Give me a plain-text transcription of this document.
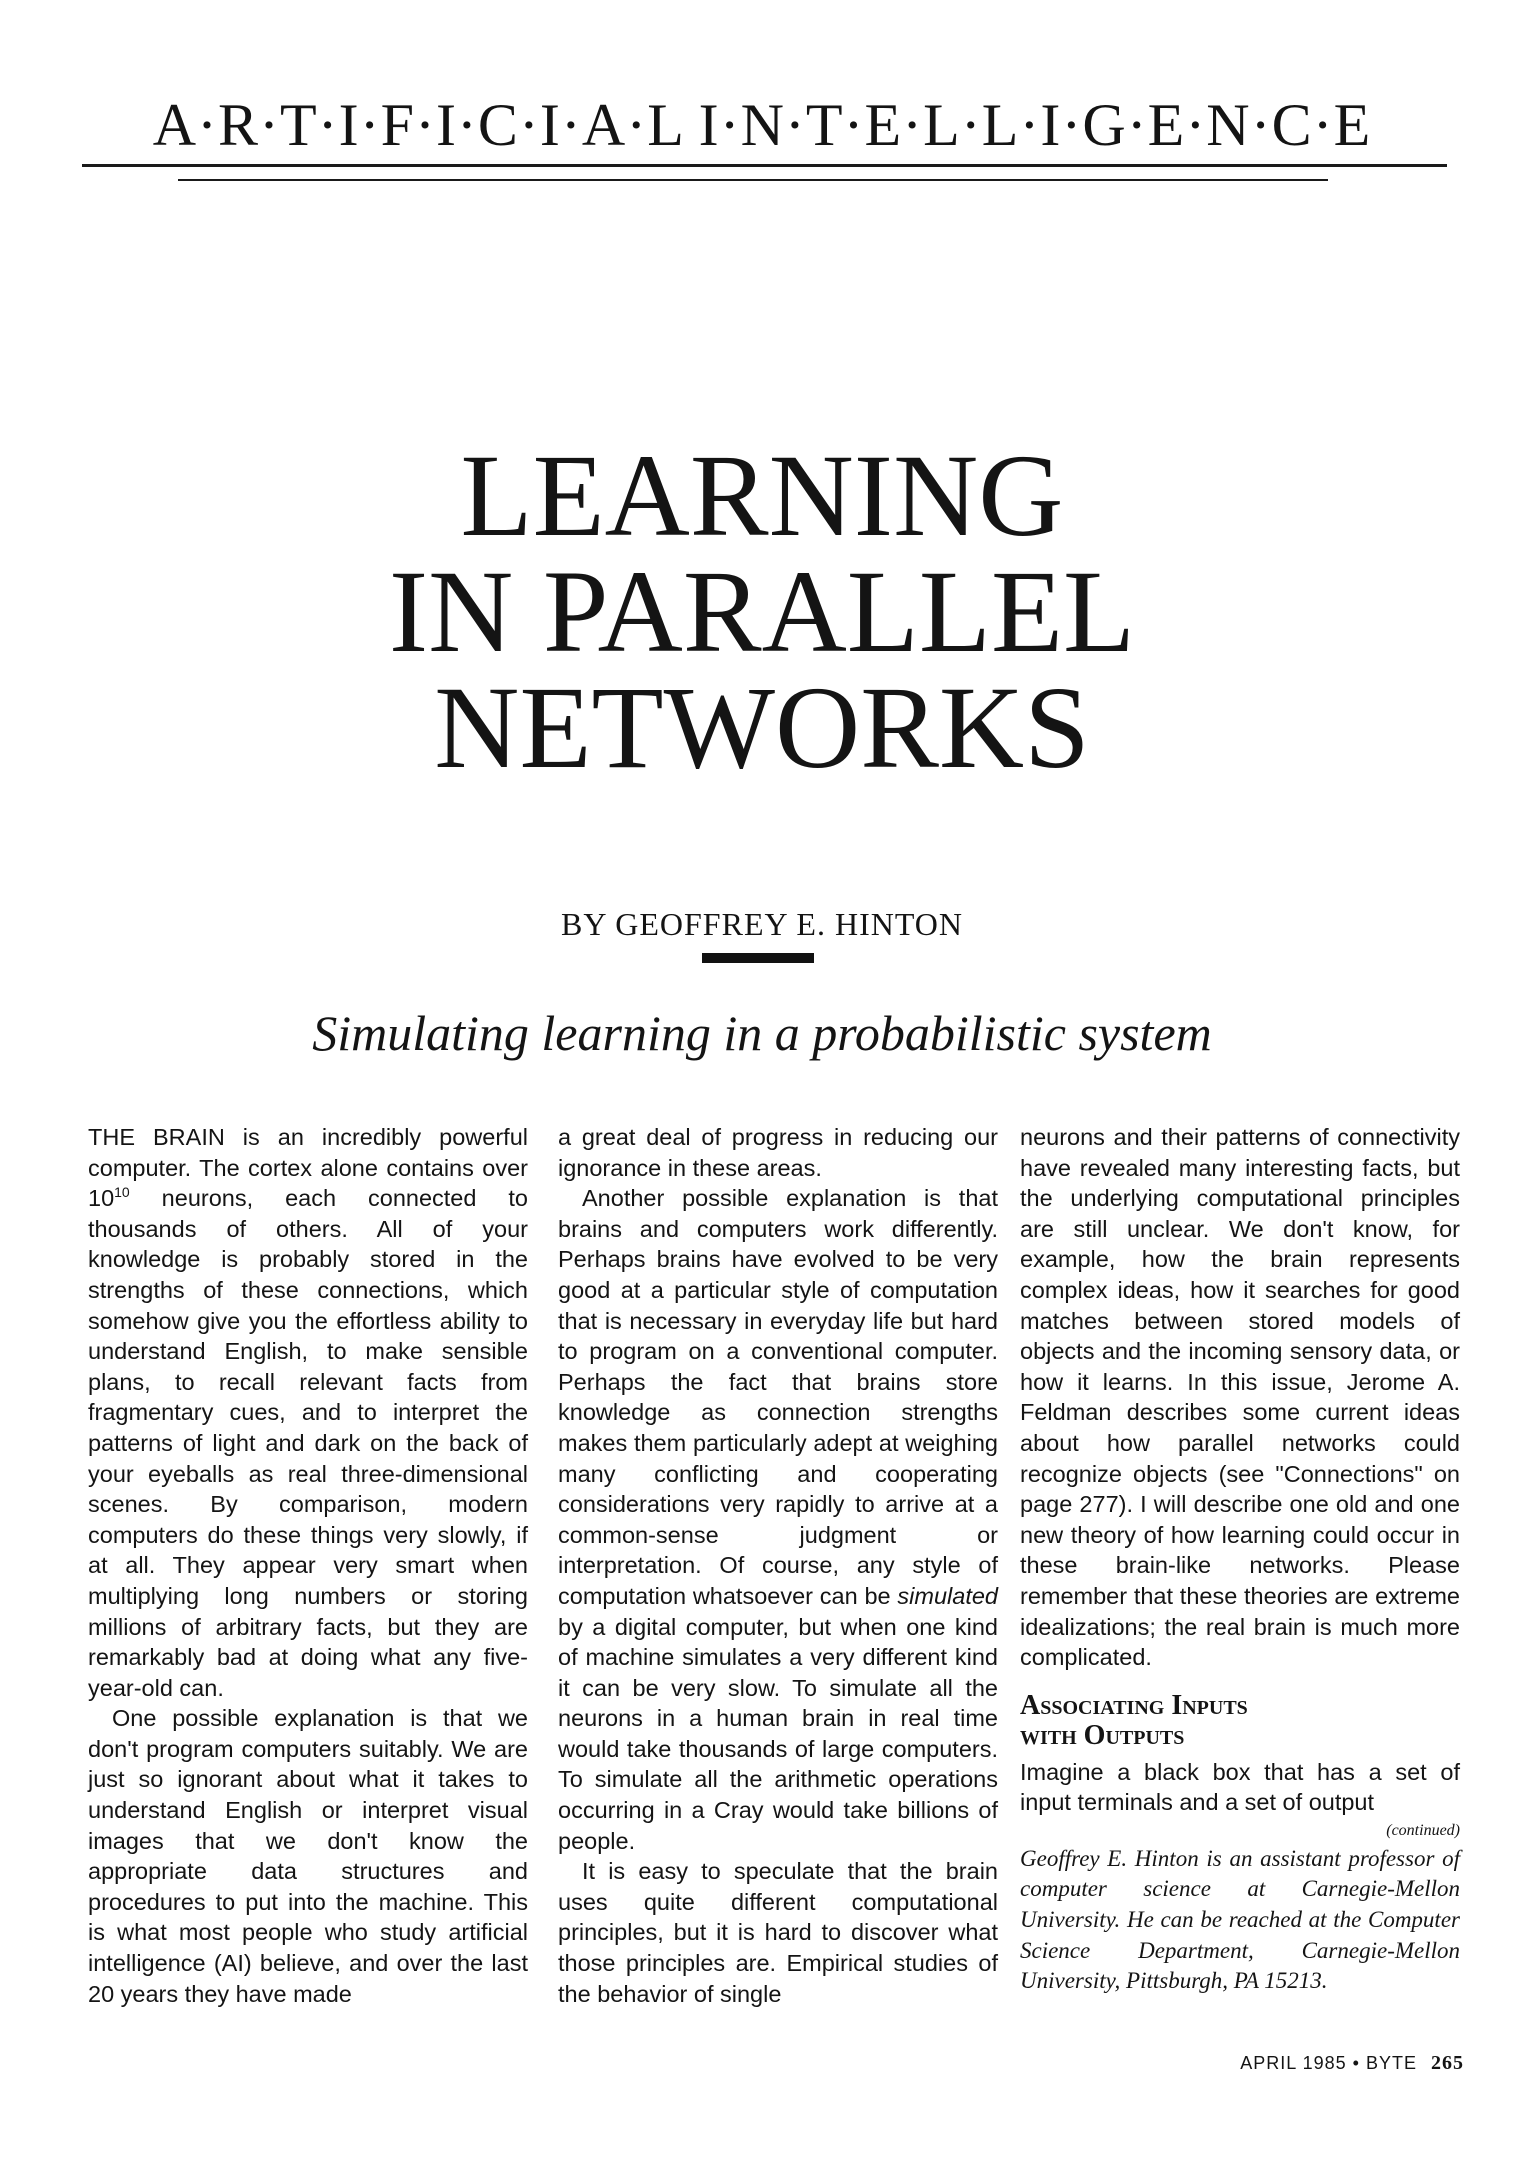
A·R·T·I·F·I·C·I·A·L I·N·T·E·L·L·I·G·E·N·C·E
LEARNING
IN PARALLEL
NETWORKS
BY GEOFFREY E. HINTON
Simulating learning in a probabilistic system

THE BRAIN is an incredibly powerful computer. The cortex alone contains over $10^{10}$ neurons, each connected to thousands of others. All of your knowledge is probably stored in the strengths of these connections, which somehow give you the effortless ability to understand English, to make sensible plans, to recall relevant facts from fragmentary cues, and to interpret the patterns of light and dark on the back of your eyeballs as real three-dimensional scenes. By comparison, modern computers do these things very slowly, if at all. They appear very smart when multiplying long numbers or storing millions of arbitrary facts, but they are remarkably bad at doing what any five-year-old can.

One possible explanation is that we don't program computers suitably. We are just so ignorant about what it takes to understand English or interpret visual images that we don't know the appropriate data structures and procedures to put into the machine. This is what most people who study artificial intelligence (AI) believe, and over the last 20 years they have made

a great deal of progress in reducing our ignorance in these areas.

Another possible explanation is that brains and computers work differently. Perhaps brains have evolved to be very good at a particular style of computation that is necessary in everyday life but hard to program on a conventional computer. Perhaps the fact that brains store knowledge as connection strengths makes them particularly adept at weighing many conflicting and cooperating considerations very rapidly to arrive at a common-sense judgment or interpretation. Of course, any style of computation whatsoever can be simulated by a digital computer, but when one kind of machine simulates a very different kind it can be very slow. To simulate all the neurons in a human brain in real time would take thousands of large computers. To simulate all the arithmetic operations occurring in a Cray would take billions of people.

It is easy to speculate that the brain uses quite different computational principles, but it is hard to discover what those principles are. Empirical studies of the behavior of single

neurons and their patterns of connectivity have revealed many interesting facts, but the underlying computational principles are still unclear. We don't know, for example, how the brain represents complex ideas, how it searches for good matches between stored models of objects and the incoming sensory data, or how it learns. In this issue, Jerome A. Feldman describes some current ideas about how parallel networks could recognize objects (see "Connections" on page 277). I will describe one old and one new theory of how learning could occur in these brain-like networks. Please remember that these theories are extreme idealizations; the real brain is much more complicated.

Associating Inputs
with Outputs

Imagine a black box that has a set of input terminals and a set of output

(continued)
Geoffrey E. Hinton is an assistant professor of computer science at Carnegie-Mellon University. He can be reached at the Computer Science Department, Carnegie-Mellon University, Pittsburgh, PA 15213.
APRIL 1985 • BYTE 265
